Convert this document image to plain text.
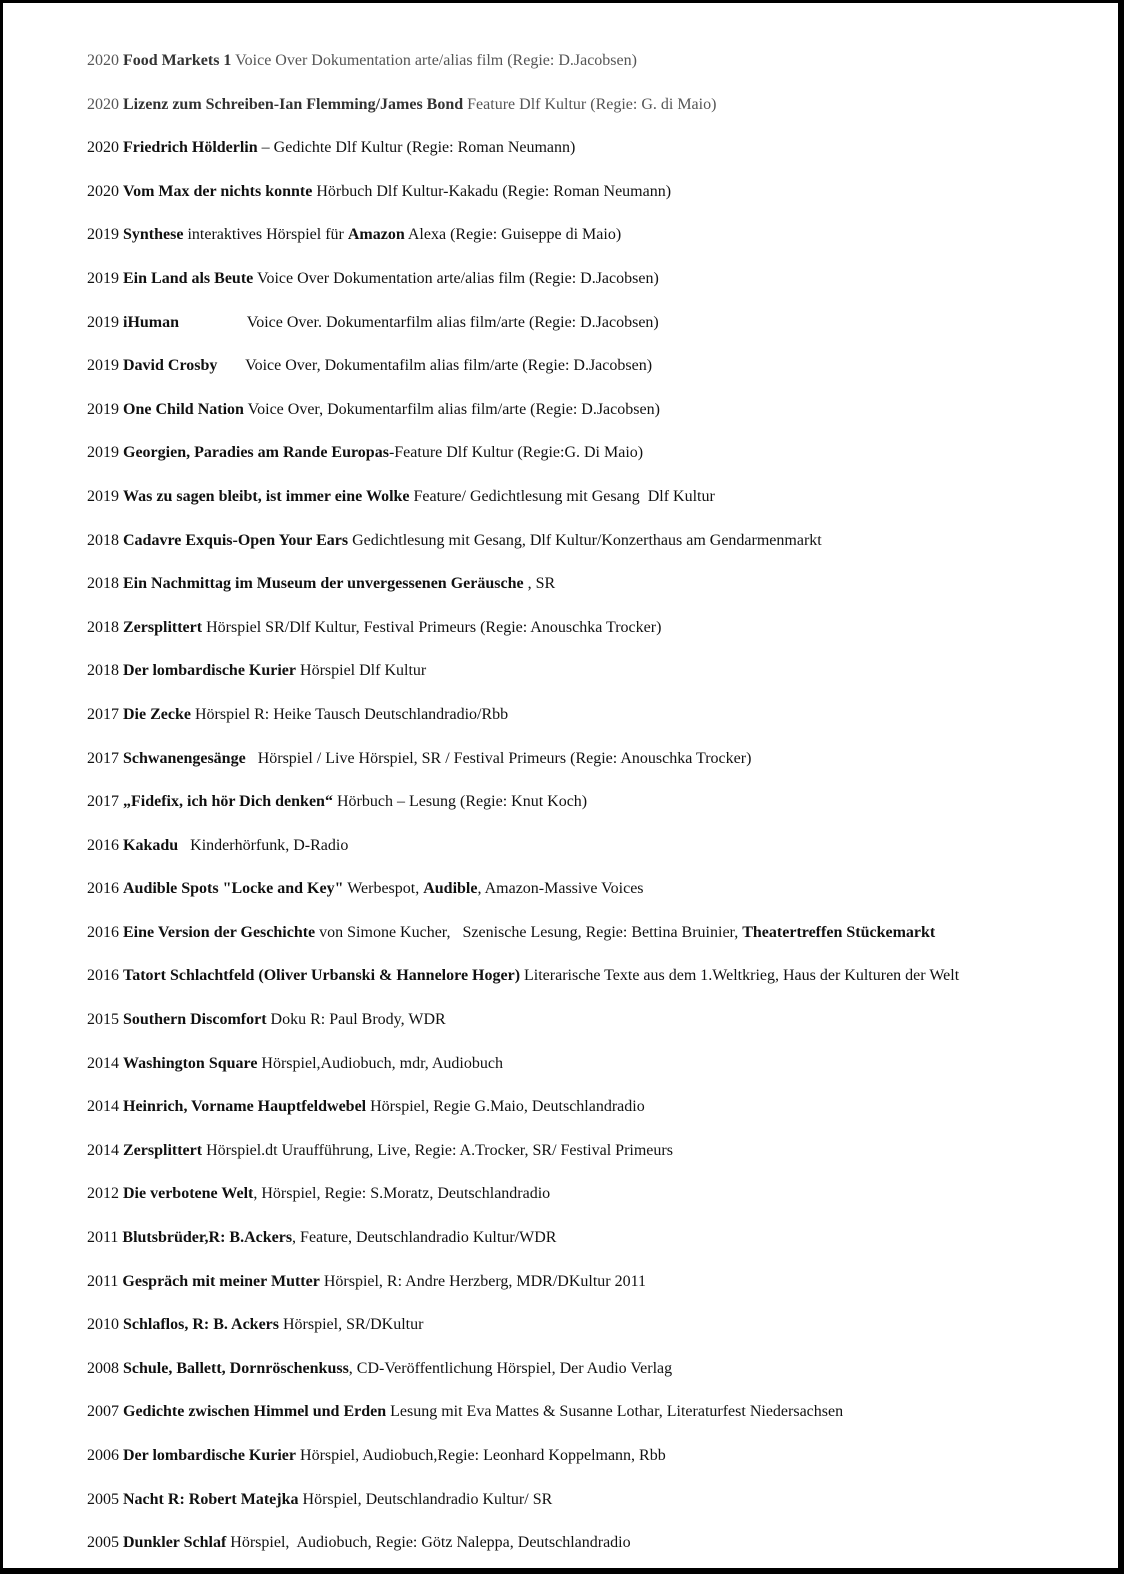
2020 Food Markets 1 Voice Over Dokumentation arte/alias film (Regie: D.Jacobsen)
2020 Lizenz zum Schreiben-Ian Flemming/James Bond Feature Dlf Kultur (Regie: G. di Maio)
2020 Friedrich Hölderlin – Gedichte Dlf Kultur (Regie: Roman Neumann)
2020 Vom Max der nichts konnte Hörbuch Dlf Kultur-Kakadu (Regie: Roman Neumann)
2019 Synthese interaktives Hörspiel für Amazon Alexa (Regie: Guiseppe di Maio)
2019 Ein Land als Beute Voice Over Dokumentation arte/alias film (Regie: D.Jacobsen)
2019 iHuman                 Voice Over. Dokumentarfilm alias film/arte (Regie: D.Jacobsen)
2019 David Crosby       Voice Over, Dokumentafilm alias film/arte (Regie: D.Jacobsen)
2019 One Child Nation Voice Over, Dokumentarfilm alias film/arte (Regie: D.Jacobsen)
2019 Georgien, Paradies am Rande Europas-Feature Dlf Kultur (Regie:G. Di Maio)
2019 Was zu sagen bleibt, ist immer eine Wolke Feature/ Gedichtlesung mit Gesang  Dlf Kultur
2018 Cadavre Exquis-Open Your Ears Gedichtlesung mit Gesang, Dlf Kultur/Konzerthaus am Gendarmenmarkt
2018 Ein Nachmittag im Museum der unvergessenen Geräusche , SR
2018 Zersplittert Hörspiel SR/Dlf Kultur, Festival Primeurs (Regie: Anouschka Trocker)
2018 Der lombardische Kurier Hörspiel Dlf Kultur
2017 Die Zecke Hörspiel R: Heike Tausch Deutschlandradio/Rbb
2017 Schwanengesänge   Hörspiel / Live Hörspiel, SR / Festival Primeurs (Regie: Anouschka Trocker)
2017 „Fidefix, ich hör Dich denken“ Hörbuch – Lesung (Regie: Knut Koch)
2016 Kakadu   Kinderhörfunk, D-Radio
2016 Audible Spots "Locke and Key" Werbespot, Audible, Amazon-Massive Voices
2016 Eine Version der Geschichte von Simone Kucher,   Szenische Lesung, Regie: Bettina Bruinier, Theatertreffen Stückemarkt
2016 Tatort Schlachtfeld (Oliver Urbanski & Hannelore Hoger) Literarische Texte aus dem 1.Weltkrieg, Haus der Kulturen der Welt
2015 Southern Discomfort Doku R: Paul Brody, WDR
2014 Washington Square Hörspiel,Audiobuch, mdr, Audiobuch
2014 Heinrich, Vorname Hauptfeldwebel Hörspiel, Regie G.Maio, Deutschlandradio
2014 Zersplittert Hörspiel.dt Uraufführung, Live, Regie: A.Trocker, SR/ Festival Primeurs
2012 Die verbotene Welt, Hörspiel, Regie: S.Moratz, Deutschlandradio
2011 Blutsbrüder,R: B.Ackers, Feature, Deutschlandradio Kultur/WDR
2011 Gespräch mit meiner Mutter Hörspiel, R: Andre Herzberg, MDR/DKultur 2011
2010 Schlaflos, R: B. Ackers Hörspiel, SR/DKultur
2008 Schule, Ballett, Dornröschenkuss, CD-Veröffentlichung Hörspiel, Der Audio Verlag
2007 Gedichte zwischen Himmel und Erden Lesung mit Eva Mattes & Susanne Lothar, Literaturfest Niedersachsen
2006 Der lombardische Kurier Hörspiel, Audiobuch,Regie: Leonhard Koppelmann, Rbb
2005 Nacht R: Robert Matejka Hörspiel, Deutschlandradio Kultur/ SR
2005 Dunkler Schlaf Hörspiel,  Audiobuch, Regie: Götz Naleppa, Deutschlandradio
